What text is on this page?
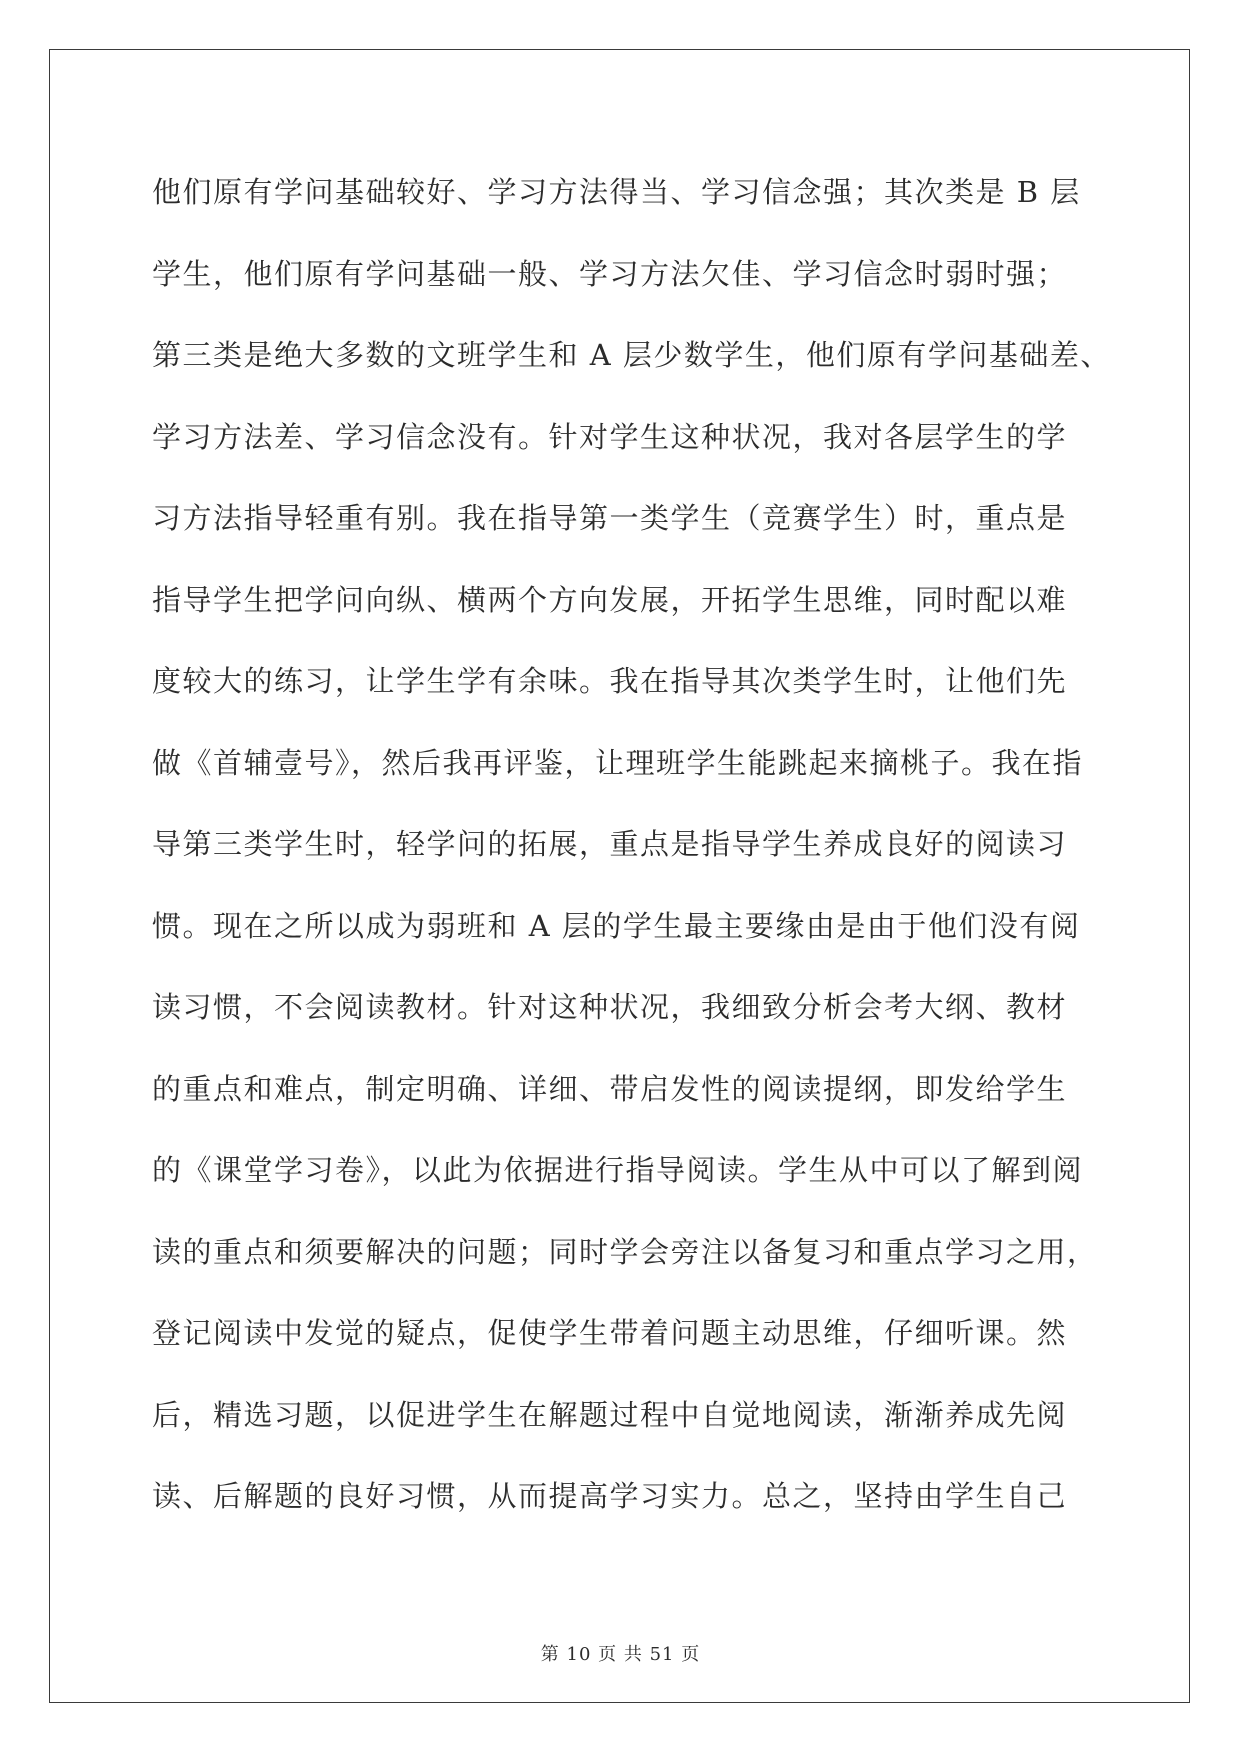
他们原有学问基础较好、学习方法得当、学习信念强；其次类是 B 层
学生，他们原有学问基础一般、学习方法欠佳、学习信念时弱时强；
第三类是绝大多数的文班学生和 A 层少数学生，他们原有学问基础差、
学习方法差、学习信念没有。针对学生这种状况，我对各层学生的学
习方法指导轻重有别。我在指导第一类学生（竞赛学生）时，重点是
指导学生把学问向纵、横两个方向发展，开拓学生思维，同时配以难
度较大的练习，让学生学有余味。我在指导其次类学生时，让他们先
做《首辅壹号》，然后我再评鉴，让理班学生能跳起来摘桃子。我在指
导第三类学生时，轻学问的拓展，重点是指导学生养成良好的阅读习
惯。现在之所以成为弱班和 A 层的学生最主要缘由是由于他们没有阅
读习惯，不会阅读教材。针对这种状况，我细致分析会考大纲、教材
的重点和难点，制定明确、详细、带启发性的阅读提纲，即发给学生
的《课堂学习卷》，以此为依据进行指导阅读。学生从中可以了解到阅
读的重点和须要解决的问题；同时学会旁注以备复习和重点学习之用，
登记阅读中发觉的疑点，促使学生带着问题主动思维，仔细听课。然
后，精选习题，以促进学生在解题过程中自觉地阅读，渐渐养成先阅
读、后解题的良好习惯，从而提高学习实力。总之，坚持由学生自己
第 10 页 共 51 页
